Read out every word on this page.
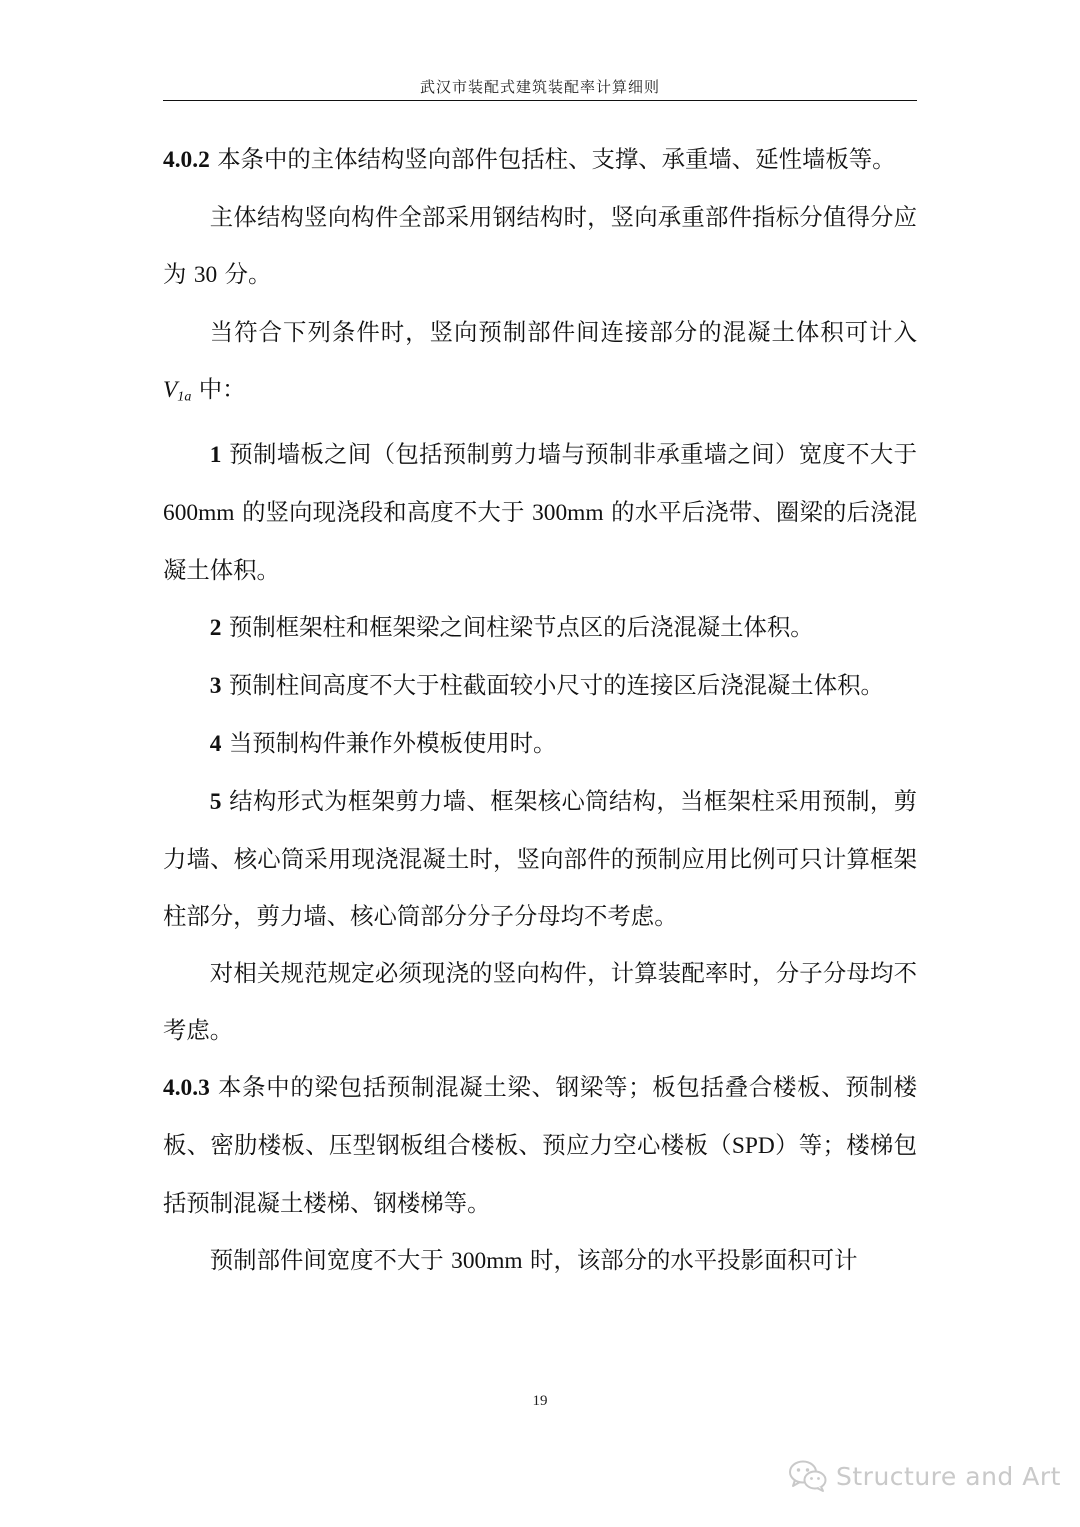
武汉市装配式建筑装配率计算细则

4.0.2 本条中的主体结构竖向部件包括柱、支撑、承重墙、延性墙板等。

主体结构竖向构件全部采用钢结构时，竖向承重部件指标分值得分应为 30 分。

当符合下列条件时，竖向预制部件间连接部分的混凝土体积可计入 $V_{1a}$ 中：

1 预制墙板之间（包括预制剪力墙与预制非承重墙之间）宽度不大于 600mm 的竖向现浇段和高度不大于 300mm 的水平后浇带、圈梁的后浇混凝土体积。

2 预制框架柱和框架梁之间柱梁节点区的后浇混凝土体积。

3 预制柱间高度不大于柱截面较小尺寸的连接区后浇混凝土体积。

4 当预制构件兼作外模板使用时。

5 结构形式为框架剪力墙、框架核心筒结构，当框架柱采用预制，剪力墙、核心筒采用现浇混凝土时，竖向部件的预制应用比例可只计算框架柱部分，剪力墙、核心筒部分分子分母均不考虑。

对相关规范规定必须现浇的竖向构件，计算装配率时，分子分母均不考虑。

4.0.3 本条中的梁包括预制混凝土梁、钢梁等；板包括叠合楼板、预制楼板、密肋楼板、压型钢板组合楼板、预应力空心楼板（SPD）等；楼梯包括预制混凝土楼梯、钢楼梯等。

预制部件间宽度不大于 300mm 时，该部分的水平投影面积可计

19
Structure and Art
